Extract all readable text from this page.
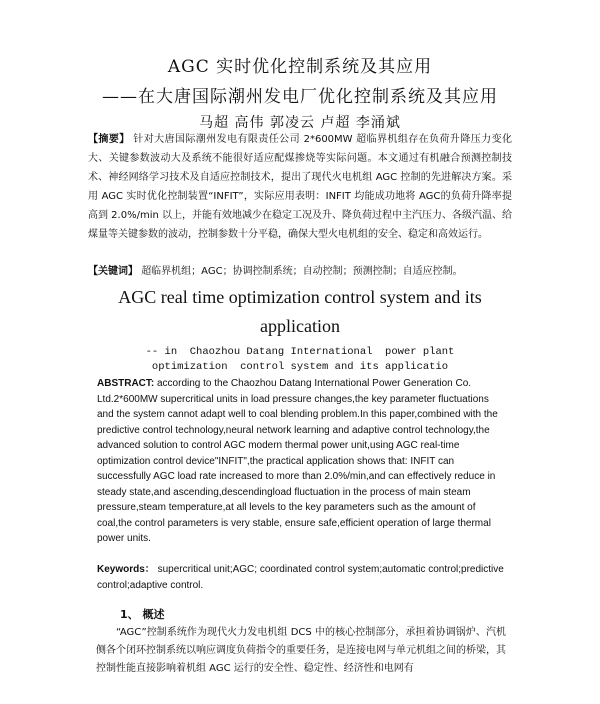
AGC 实时优化控制系统及其应用
——在大唐国际潮州发电厂优化控制系统及其应用
马超 高伟 郭凌云 卢超 李涌斌
【摘要】 针对大唐国际潮州发电有限责任公司 2*600MW 超临界机组存在负荷升降压力变化大、关键参数波动大及系统不能很好适应配煤掺烧等实际问题。本文通过有机融合预测控制技术、神经网络学习技术及自适应控制技术，提出了现代火电机组 AGC 控制的先进解决方案。采用 AGC 实时优化控制装置“INFIT”，实际应用表明：INFIT 均能成功地将 AGC的负荷升降率提高到 2.0%/min 以上，并能有效地减少在稳定工况及升、降负荷过程中主汽压力、各级汽温、给煤量等关键参数的波动，控制参数十分平稳，确保大型火电机组的安全、稳定和高效运行。
【关键词】 超临界机组；AGC；协调控制系统；自动控制；预测控制；自适应控制。
AGC real time optimization control system and its
application
-- in  Chaozhou Datang International  power plant
optimization  control system and its applicatio
ABSTRACT: according to the Chaozhou Datang International Power Generation Co. Ltd.2*600MW supercritical units in load pressure changes,the key parameter fluctuations and the system cannot adapt well to coal blending problem.In this paper,combined with the predictive control technology,neural network learning and adaptive control technology,the advanced solution to control AGC modern thermal power unit,using AGC real-time optimization control device"INFIT",the practical application shows that: INFIT can successfully AGC load rate increased to more than 2.0%/min,and can effectively reduce in steady state,and ascending,descendingload fluctuation in the process of main steam pressure,steam temperature,at all levels to the key parameters such as the amount of coal,the control parameters is very stable, ensure safe,efficient operation of large thermal power units.
Keywords： supercritical unit;AGC; coordinated control system;automatic control;predictive control;adaptive control.
1、 概述
“AGC”控制系统作为现代火力发电机组 DCS 中的核心控制部分，承担着协调锅炉、汽机侧各个闭环控制系统以响应调度负荷指令的重要任务，是连接电网与单元机组之间的桥梁，其控制性能直接影响着机组 AGC 运行的安全性、稳定性、经济性和电网有
